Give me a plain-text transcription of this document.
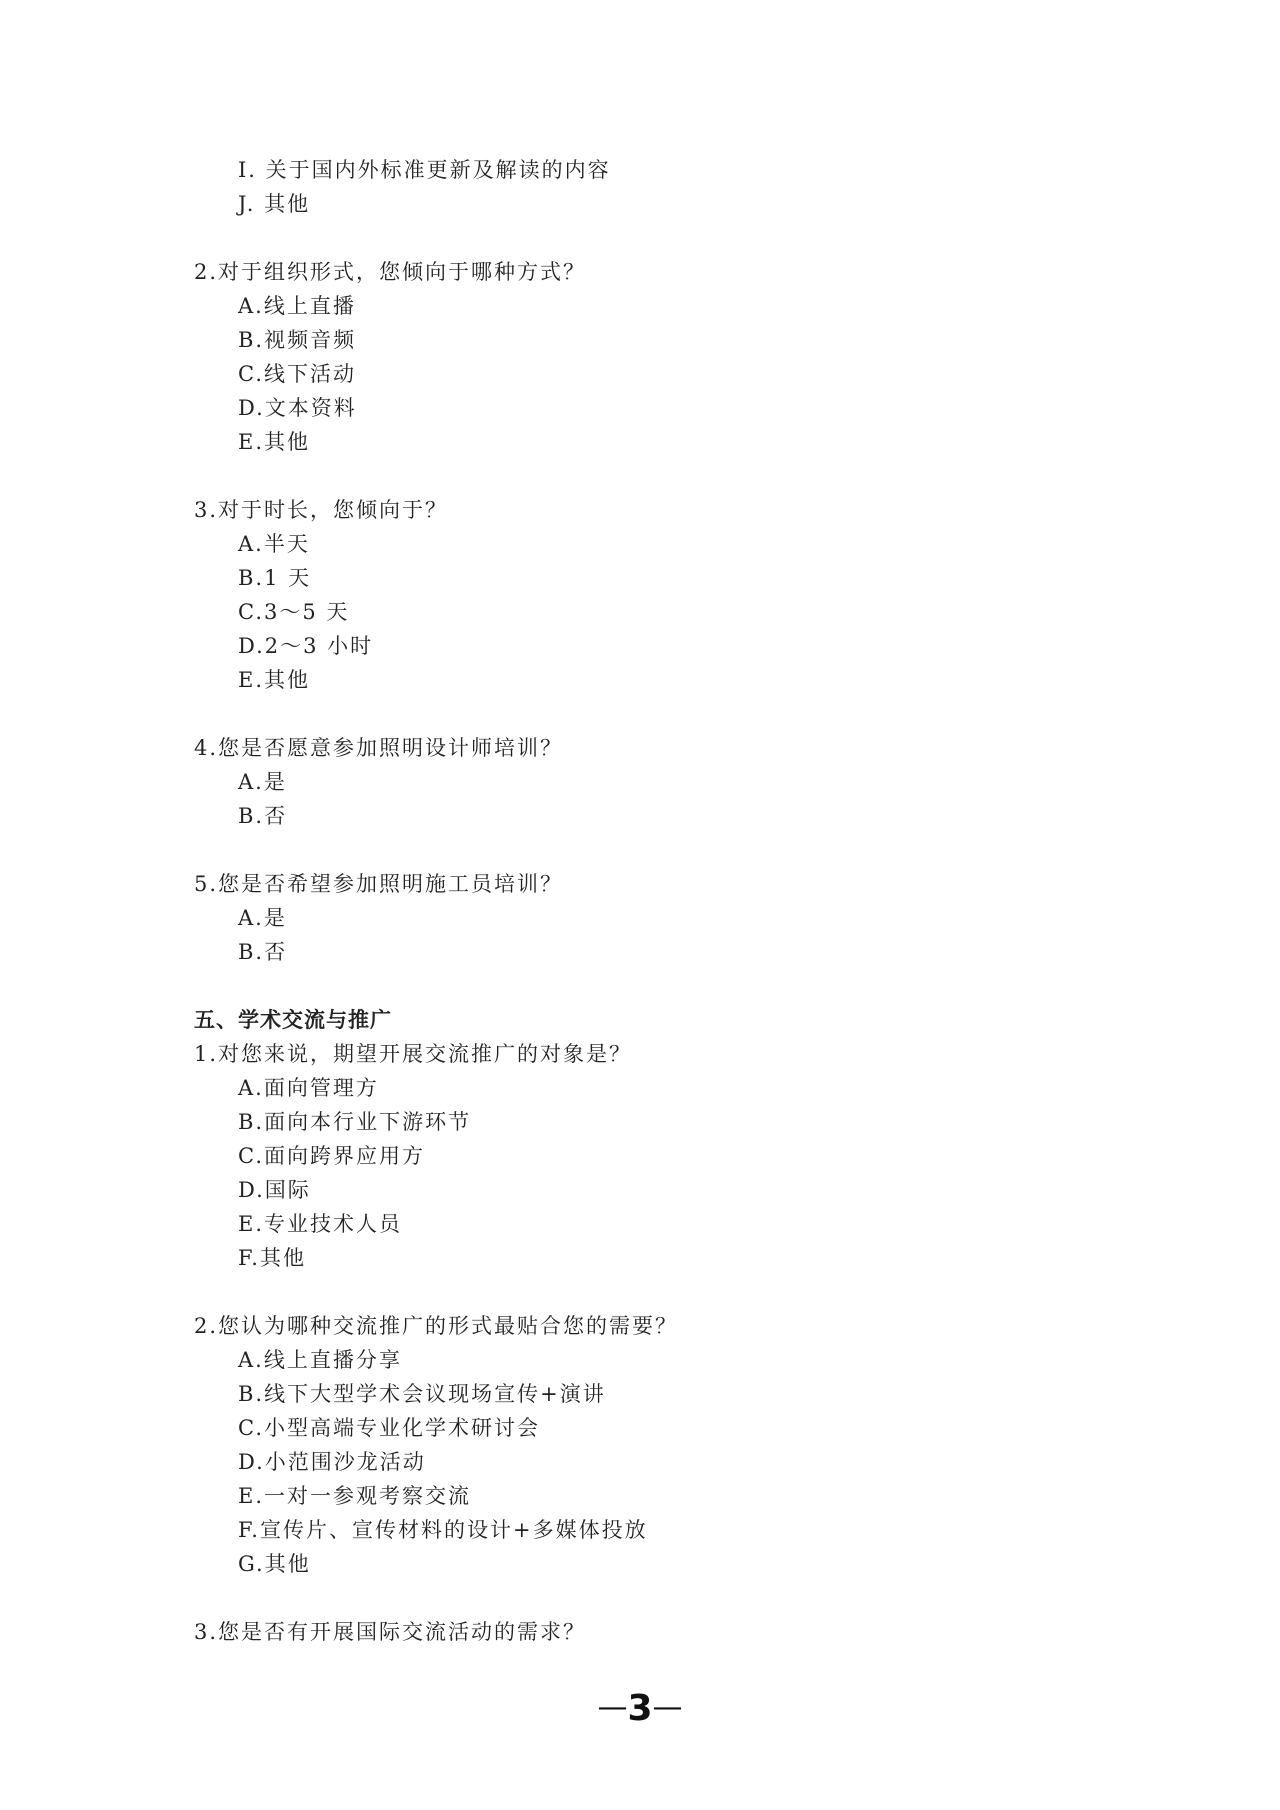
I. 关于国内外标准更新及解读的内容
J. 其他
2.对于组织形式，您倾向于哪种方式？
A.线上直播
B.视频音频
C.线下活动
D.文本资料
E.其他
3.对于时长，您倾向于？
A.半天
B.1 天
C.3～5 天
D.2～3 小时
E.其他
4.您是否愿意参加照明设计师培训？
A.是
B.否
5.您是否希望参加照明施工员培训？
A.是
B.否
五、学术交流与推广
1.对您来说，期望开展交流推广的对象是？
A.面向管理方
B.面向本行业下游环节
C.面向跨界应用方
D.国际
E.专业技术人员
F.其他
2.您认为哪种交流推广的形式最贴合您的需要？
A.线上直播分享
B.线下大型学术会议现场宣传+演讲
C.小型高端专业化学术研讨会
D.小范围沙龙活动
E.一对一参观考察交流
F.宣传片、宣传材料的设计+多媒体投放
G.其他
3.您是否有开展国际交流活动的需求？
—3—
